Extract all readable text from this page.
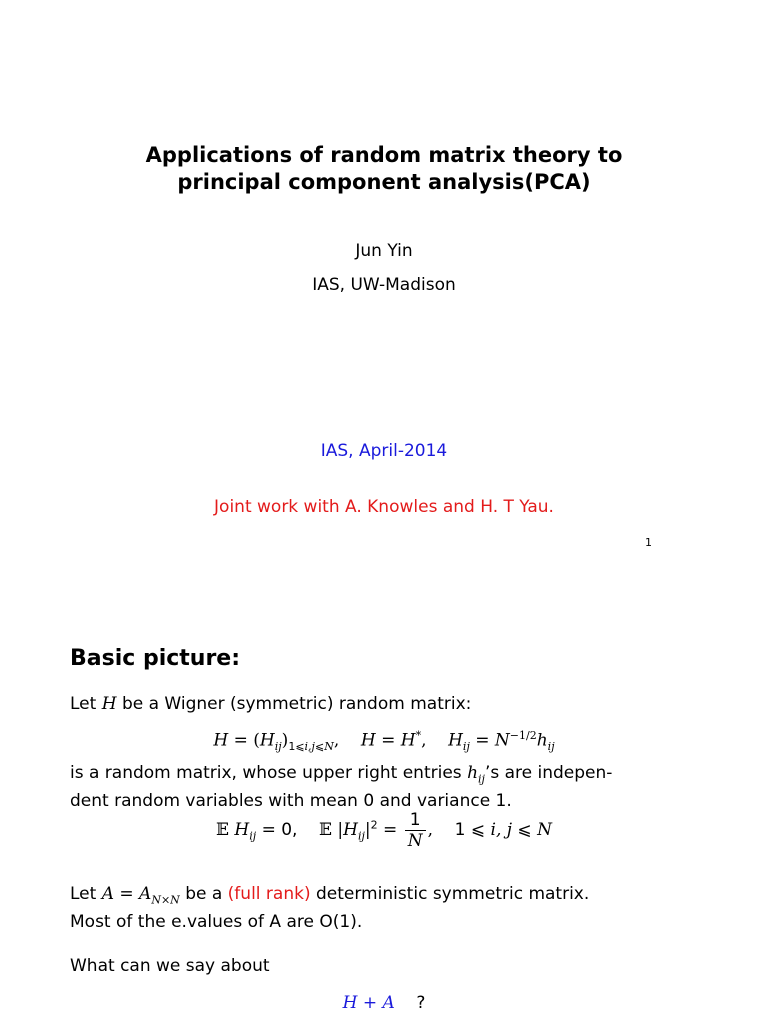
Applications of random matrix theory to
principal component analysis(PCA)
Jun Yin
IAS, UW-Madison
IAS, April-2014
Joint work with A. Knowles and H. T Yau.
1
Basic picture:
Let H be a Wigner (symmetric) random matrix:
$H = (H_{ij})_{1⩽i,j⩽N}$,    H = H*,    $H_{ij} = N^{-1/2}h_{ij}$
is a random matrix, whose upper right entries $h_{ij}’s$ are indepen-
dent random variables with mean 0 and variance 1.
𝔼 $H_{ij} = 0$,    𝔼 $|H_{ij}|^2 = \frac{1}{N}$ ,    1 ⩽ i, j ⩽ N
Let $A = A_{N\times N}$ be a (full rank) deterministic symmetric matrix.
Most of the e.values of A are O(1).
What can we say about
H + A ?
